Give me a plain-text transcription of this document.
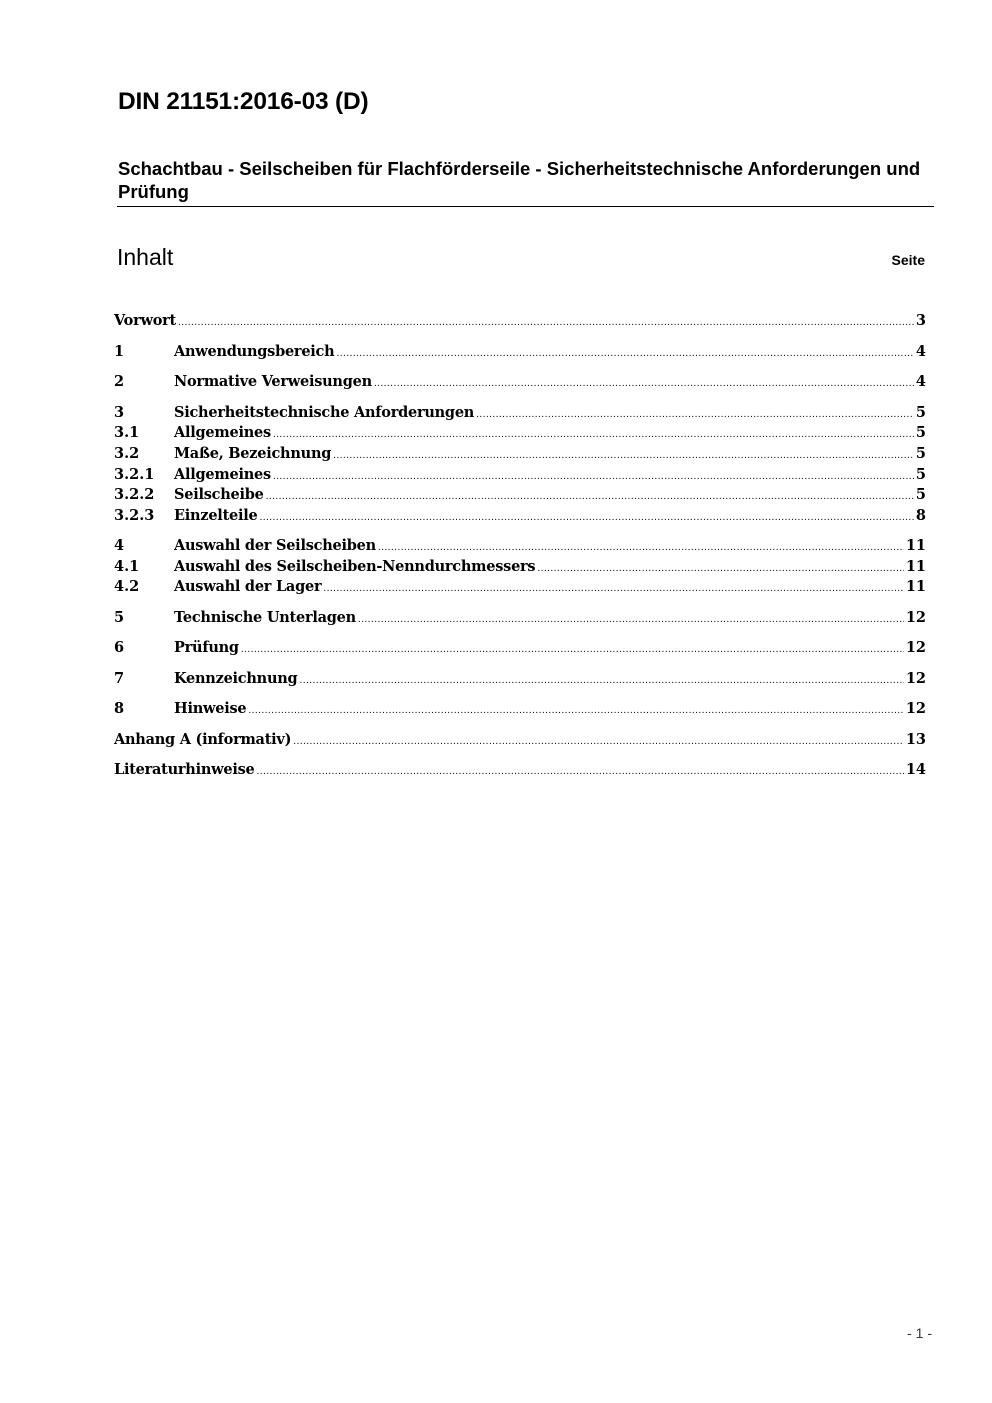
DIN 21151:2016-03 (D)
Schachtbau - Seilscheiben für Flachförderseile - Sicherheitstechnische Anforderungen und Prüfung
Inhalt	Seite
Vorwort .....	3
1	Anwendungsbereich .....	4
2	Normative Verweisungen .....	4
3	Sicherheitstechnische Anforderungen .....	5
3.1	Allgemeines .....	5
3.2	Maße, Bezeichnung .....	5
3.2.1	Allgemeines .....	5
3.2.2	Seilscheibe .....	5
3.2.3	Einzelteile .....	8
4	Auswahl der Seilscheiben .....	11
4.1	Auswahl des Seilscheiben-Nenndurchmessers .....	11
4.2	Auswahl der Lager .....	11
5	Technische Unterlagen .....	12
6	Prüfung .....	12
7	Kennzeichnung .....	12
8	Hinweise .....	12
Anhang A (informativ) .....	13
Literaturhinweise .....	14
- 1 -
